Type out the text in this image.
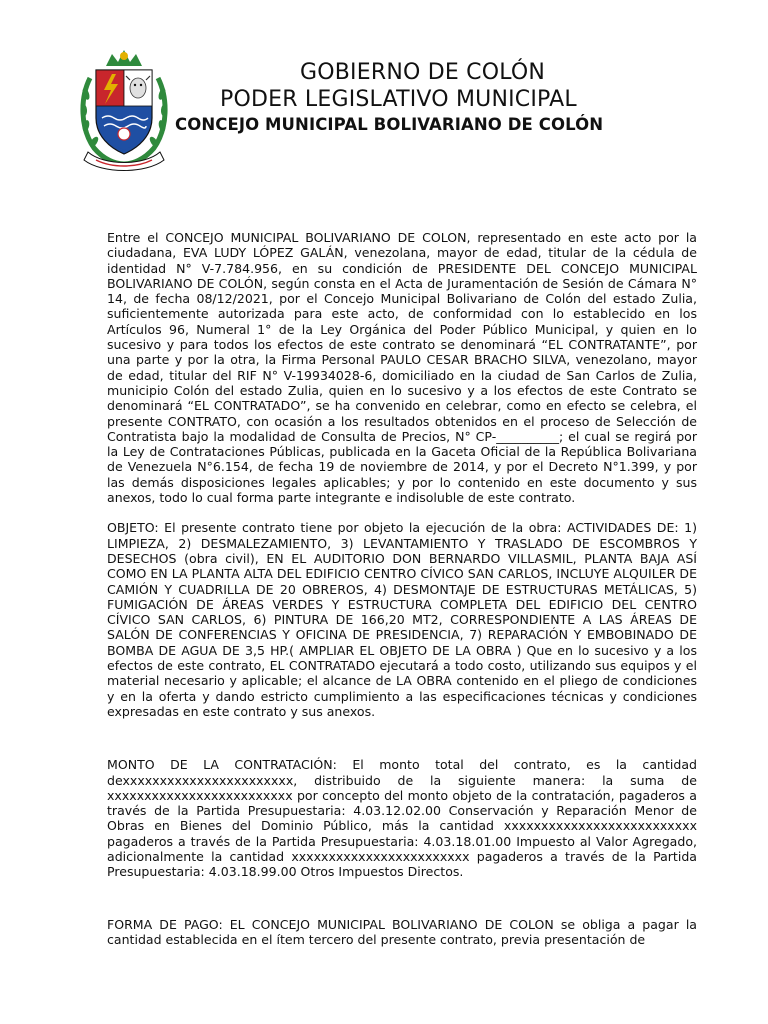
GOBIERNO DE COLÓN
PODER LEGISLATIVO MUNICIPAL
CONCEJO MUNICIPAL BOLIVARIANO DE COLÓN

Entre el CONCEJO MUNICIPAL BOLIVARIANO DE COLON, representado en este acto por la ciudadana, EVA LUDY LÓPEZ GALÁN, venezolana, mayor de edad, titular de la cédula de identidad N° V-7.784.956, en su condición de PRESIDENTE DEL CONCEJO MUNICIPAL BOLIVARIANO DE COLÓN, según consta en el Acta de Juramentación de Sesión de Cámara N° 14, de fecha 08/12/2021, por el Concejo Municipal Bolivariano de Colón del estado Zulia, suficientemente autorizada para este acto, de conformidad con lo establecido en los Artículos 96, Numeral 1° de la Ley Orgánica del Poder Público Municipal, y quien en lo sucesivo y para todos los efectos de este contrato se denominará “EL CONTRATANTE”, por una parte y por la otra, la Firma Personal PAULO CESAR BRACHO SILVA, venezolano, mayor de edad, titular del RIF N° V-19934028-6, domiciliado en la ciudad de San Carlos de Zulia, municipio Colón del estado Zulia, quien en lo sucesivo y a los efectos de este Contrato se denominará “EL CONTRATADO”, se ha convenido en celebrar, como en efecto se celebra, el presente CONTRATO, con ocasión a los resultados obtenidos en el proceso de Selección de Contratista bajo la modalidad de Consulta de Precios, N° CP-__________; el cual se regirá por la Ley de Contrataciones Públicas, publicada en la Gaceta Oficial de la República Bolivariana de Venezuela N°6.154, de fecha 19 de noviembre de 2014, y por el Decreto N°1.399, y por las demás disposiciones legales aplicables; y por lo contenido en este documento y sus anexos, todo lo cual forma parte integrante e indisoluble de este contrato.

OBJETO: El presente contrato tiene por objeto la ejecución de la obra: ACTIVIDADES DE: 1) LIMPIEZA, 2) DESMALEZAMIENTO, 3) LEVANTAMIENTO Y TRASLADO DE ESCOMBROS Y DESECHOS (obra civil), EN EL AUDITORIO DON BERNARDO VILLASMIL, PLANTA BAJA ASÍ COMO EN LA PLANTA ALTA DEL EDIFICIO CENTRO CÍVICO SAN CARLOS, INCLUYE ALQUILER DE CAMIÓN Y CUADRILLA DE 20 OBREROS, 4) DESMONTAJE DE ESTRUCTURAS METÁLICAS, 5) FUMIGACIÓN DE ÁREAS VERDES Y ESTRUCTURA COMPLETA DEL EDIFICIO DEL CENTRO CÍVICO SAN CARLOS, 6) PINTURA DE 166,20 MT2, CORRESPONDIENTE A LAS ÁREAS DE SALÓN DE CONFERENCIAS Y OFICINA DE PRESIDENCIA, 7) REPARACIÓN Y EMBOBINADO DE BOMBA DE AGUA DE 3,5 HP.( AMPLIAR EL OBJETO DE LA OBRA ) Que en lo sucesivo y a los efectos de este contrato, EL CONTRATADO ejecutará a todo costo, utilizando sus equipos y el material necesario y aplicable; el alcance de LA OBRA contenido en el pliego de condiciones y en la oferta y dando estricto cumplimiento a las especificaciones técnicas y condiciones expresadas en este contrato y sus anexos.

MONTO DE LA CONTRATACIÓN: El monto total del contrato, es la cantidad dexxxxxxxxxxxxxxxxxxxxxxx, distribuido de la siguiente manera: la suma de xxxxxxxxxxxxxxxxxxxxxxxxx por concepto del monto objeto de la contratación, pagaderos a través de la Partida Presupuestaria: 4.03.12.02.00 Conservación y Reparación Menor de Obras en Bienes del Dominio Público, más la cantidad xxxxxxxxxxxxxxxxxxxxxxxxxx pagaderos a través de la Partida Presupuestaria: 4.03.18.01.00 Impuesto al Valor Agregado, adicionalmente la cantidad xxxxxxxxxxxxxxxxxxxxxxxx pagaderos a través de la Partida Presupuestaria: 4.03.18.99.00 Otros Impuestos Directos.

FORMA DE PAGO: EL CONCEJO MUNICIPAL BOLIVARIANO DE COLON se obliga a pagar la cantidad establecida en el ítem tercero del presente contrato, previa presentación de
